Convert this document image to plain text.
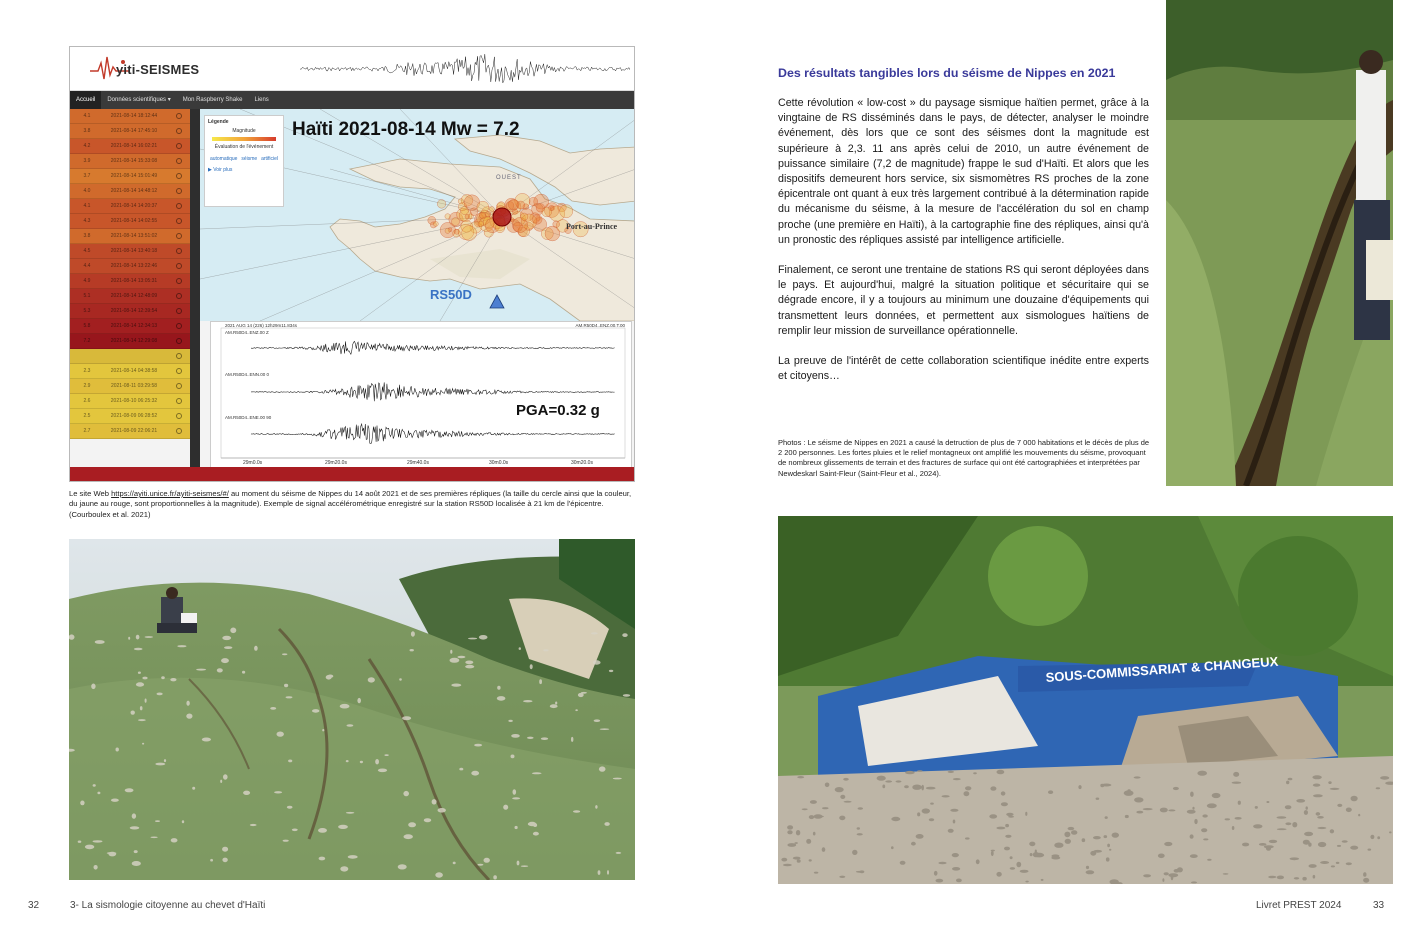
yiti-SEISMES
Accueil	Données scientifiques ▾	Mon Raspberry Shake	Liens
4.1	2021-08-14 18:12:44
3.8	2021-08-14 17:45:10
4.2	2021-08-14 16:02:21
3.9	2021-08-14 15:33:08
3.7	2021-08-14 15:01:49
4.0	2021-08-14 14:48:12
4.1	2021-08-14 14:20:37
4.3	2021-08-14 14:02:55
3.8	2021-08-14 13:51:02
4.5	2021-08-14 13:40:18
4.4	2021-08-14 13:22:46
4.9	2021-08-14 13:05:31
5.1	2021-08-14 12:48:09
5.3	2021-08-14 12:39:54
5.8	2021-08-14 12:34:13
7.2	2021-08-14 12:29:08
2.3	2021-08-14 04:38:58
2.9	2021-08-11 03:29:58
2.6	2021-08-10 06:25:32
2.5	2021-08-09 06:28:52
2.7	2021-08-09 22:06:21
Légende
Magnitude
Évaluation de l'événement
automatique séisme artificiel
▶ Voir plus
Haïti 2021-08-14 Mw = 7.2
OUEST
Port-au-Prince
RS50D
2021 AUG 14 (226) 12h29m11.834s	AM.R50D4..ENZ.00.T.00
AM.R50D4..ENZ.00 Z
AM.R50D4..ENN.00 0
AM.R50D4..ENE.00 90
29m0.0s	29m20.0s	29m40.0s	30m0.0s	30m20.0s
PGA=0.32 g
Le site Web https://ayiti.unice.fr/ayiti-seismes/#/ au moment du séisme de Nippes du 14 août 2021 et de ses premières répliques (la taille du cercle ainsi que la couleur, du jaune au rouge, sont proportionnelles à la magnitude). Exemple de signal accélérométrique enregistré sur la station RS50D localisée à 21 km de l'épicentre. (Courboulex et al. 2021)
Des résultats tangibles lors du séisme de Nippes en 2021
Cette révolution « low-cost » du paysage sismique haïtien permet, grâce à la vingtaine de RS disséminés dans le pays, de détecter, analyser le moindre événement, dès lors que ce sont des séismes dont la magnitude est supérieure à 2,3. 11 ans après celui de 2010, un autre événement de puissance similaire (7,2 de magnitude) frappe le sud d'Haïti. Et alors que les dispositifs demeurent hors service, six sismomètres RS proches de la zone épicentrale ont quant à eux très largement contribué à la détermination rapide du mécanisme du séisme, à la mesure de l'accélération du sol en champ proche (une première en Haïti), à la cartographie fine des répliques, ainsi qu'à un pronostic des répliques assisté par intelligence artificielle.
Finalement, ce seront une trentaine de stations RS qui seront déployées dans le pays. Et aujourd'hui, malgré la situation politique et sécuritaire qui se dégrade encore, il y a toujours au minimum une douzaine d'équipements qui transmettent leurs données, et permettent aux sismologues haïtiens de remplir leur mission de surveillance opérationnelle.
La preuve de l'intérêt de cette collaboration scientifique inédite entre experts et citoyens…
Photos : Le séisme de Nippes en 2021 a causé la detruction de plus de 7 000 habitations et le décès de plus de 2 200 personnes. Les fortes pluies et le relief montagneux ont amplifié les mouvements du séisme, provoquant de nombreux glissements de terrain et des fractures de surface qui ont été cartographiées et interprétées par Newdeskarl Saint-Fleur (Saint-Fleur et al., 2024).
SOUS-COMMISSARIAT & CHANGEUX
32	3- La sismologie citoyenne au chevet d'Haïti	Livret PREST 2024	33
